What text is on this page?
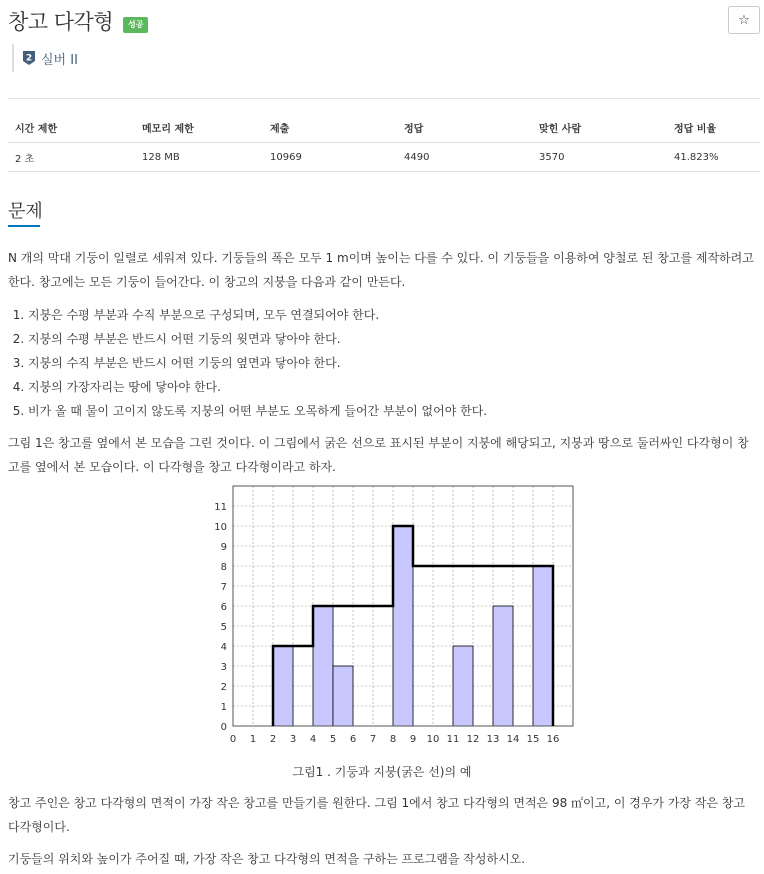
창고 다각형	성공	☆
2 실버 II
시간 제한	메모리 제한	제출	정답	맞힌 사람	정답 비율
2 초	128 MB	10969	4490	3570	41.823%
문제

N 개의 막대 기둥이 일렬로 세워져 있다. 기둥들의 폭은 모두 1 m이며 높이는 다를 수 있다. 이 기둥들을 이용하여 양철로 된 창고를 제작하려고 한다. 창고에는 모든 기둥이 들어간다. 이 창고의 지붕을 다음과 같이 만든다.

1. 지붕은 수평 부분과 수직 부분으로 구성되며, 모두 연결되어야 한다.
2. 지붕의 수평 부분은 반드시 어떤 기둥의 윗면과 닿아야 한다.
3. 지붕의 수직 부분은 반드시 어떤 기둥의 옆면과 닿아야 한다.
4. 지붕의 가장자리는 땅에 닿아야 한다.
5. 비가 올 때 물이 고이지 않도록 지붕의 어떤 부분도 오목하게 들어간 부분이 없어야 한다.

그림 1은 창고를 옆에서 본 모습을 그린 것이다. 이 그림에서 굵은 선으로 표시된 부분이 지붕에 해당되고, 지붕과 땅으로 둘러싸인 다각형이 창고를 옆에서 본 모습이다. 이 다각형을 창고 다각형이라고 하자.

0
1
2
3
4
5
6
7
8
9
10
11
0 1 2 3 4 5 6 7 8 9 10 11 12 13 14 15 16
그림1 . 기둥과 지붕(굵은 선)의 예

창고 주인은 창고 다각형의 면적이 가장 작은 창고를 만들기를 원한다. 그림 1에서 창고 다각형의 면적은 98 ㎡이고, 이 경우가 가장 작은 창고 다각형이다.

기둥들의 위치와 높이가 주어질 때, 가장 작은 창고 다각형의 면적을 구하는 프로그램을 작성하시오.
